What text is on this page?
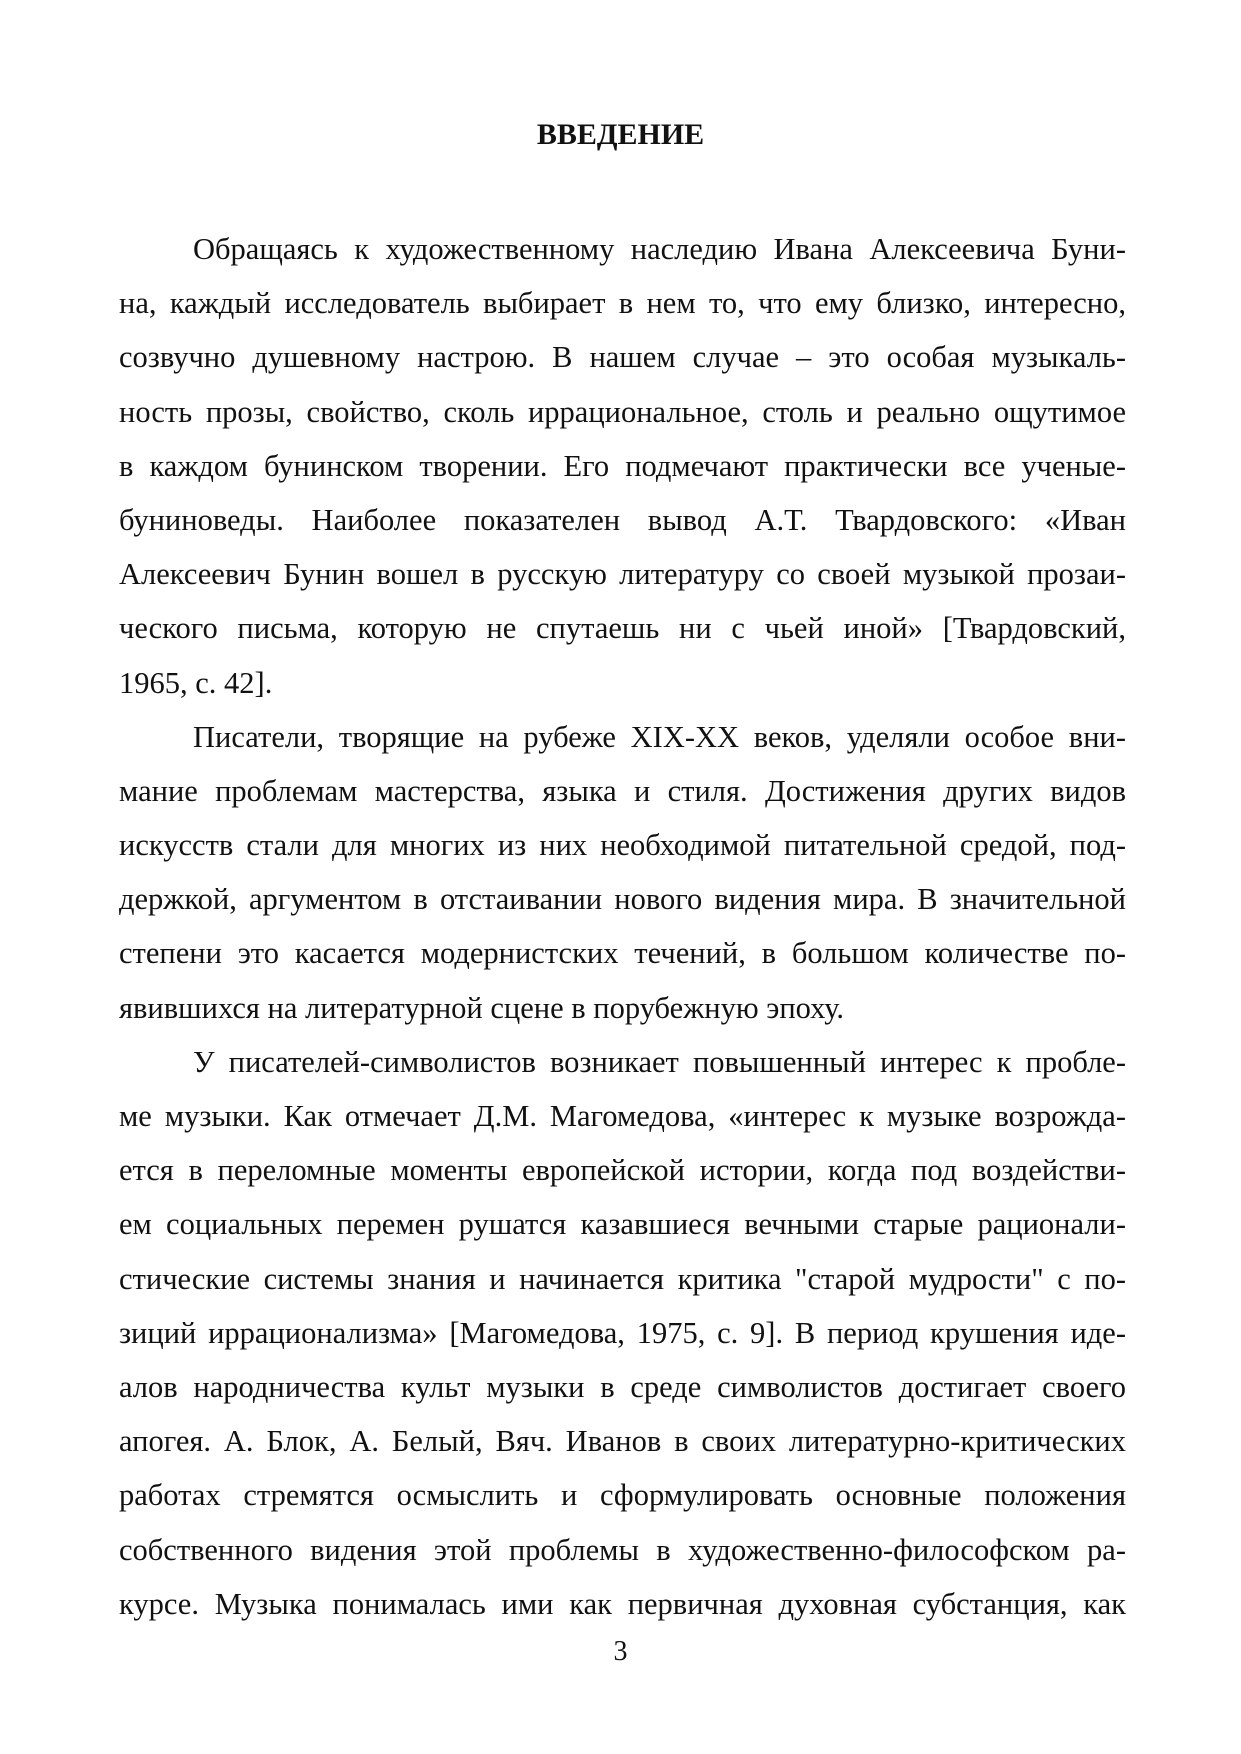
ВВЕДЕНИЕ
Обращаясь к художественному наследию Ивана Алексеевича Буни-
на, каждый исследователь выбирает в нем то, что ему близко, интересно,
созвучно душевному настрою. В нашем случае – это особая музыкаль-
ность прозы, свойство, сколь иррациональное, столь и реально ощутимое
в каждом бунинском творении. Его подмечают практически все ученые-
буниноведы. Наиболее показателен вывод А.Т. Твардовского: «Иван
Алексеевич Бунин вошел в русскую литературу со своей музыкой прозаи-
ческого письма, которую не спутаешь ни с чьей иной» [Твардовский,
1965, с. 42].
Писатели, творящие на рубеже XIX-XX веков, уделяли особое вни-
мание проблемам мастерства, языка и стиля. Достижения других видов
искусств стали для многих из них необходимой питательной средой, под-
держкой, аргументом в отстаивании нового видения мира. В значительной
степени это касается модернистских течений, в большом количестве по-
явившихся на литературной сцене в порубежную эпоху.
У писателей-символистов возникает повышенный интерес к пробле-
ме музыки. Как отмечает Д.М. Магомедова, «интерес к музыке возрожда-
ется в переломные моменты европейской истории, когда под воздействи-
ем социальных перемен рушатся казавшиеся вечными старые рационали-
стические системы знания и начинается критика "старой мудрости" с по-
зиций иррационализма» [Магомедова, 1975, с. 9]. В период крушения иде-
алов народничества культ музыки в среде символистов достигает своего
апогея. А. Блок, А. Белый, Вяч. Иванов в своих литературно-критических
работах стремятся осмыслить и сформулировать основные положения
собственного видения этой проблемы в художественно-философском ра-
курсе. Музыка понималась ими как первичная духовная субстанция, как
3
